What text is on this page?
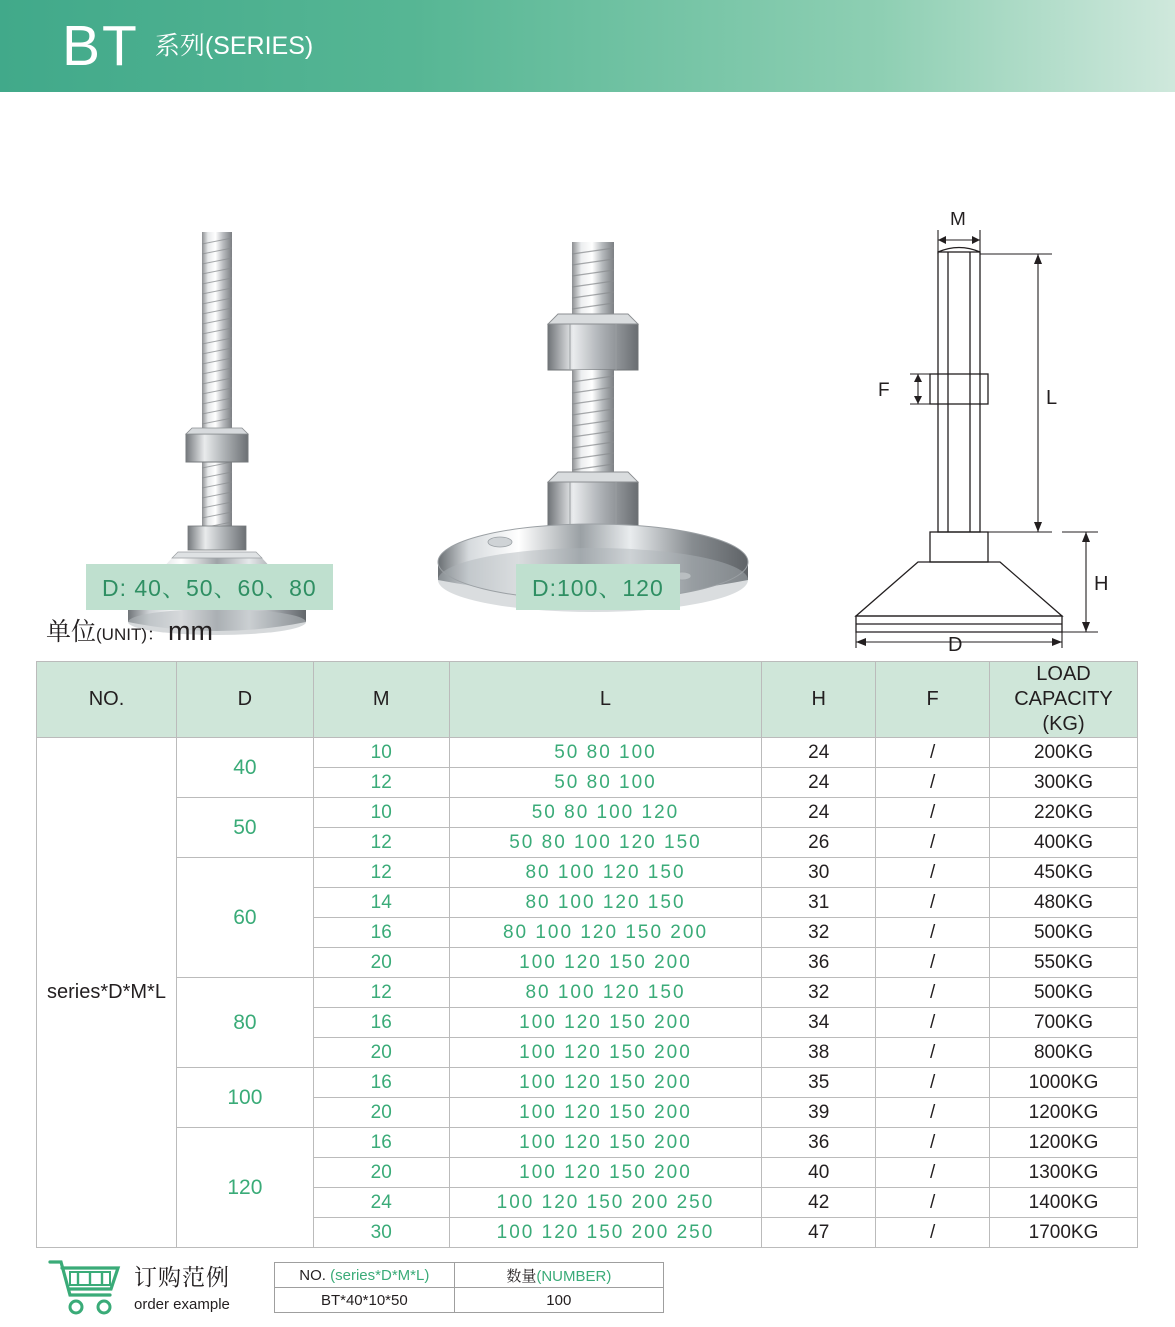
BT 系列(SERIES)
M
F	L
H
D
D: 40、50、60、80	D:100、120
单位(UNIT)： mm
NO.	D	M	L	H	F	LOAD CAPACITY
(KG)

series*D*M*L	40	10	50 80 100	24	/	200KG
		12	50 80 100	24	/	300KG
	50	10	50 80 100 120	24	/	220KG
		12	50 80 100 120 150	26	/	400KG
	60	12	80 100 120 150	30	/	450KG
		14	80 100 120 150	31	/	480KG
		16	80 100 120 150 200	32	/	500KG
		20	100 120 150 200	36	/	550KG
	80	12	80 100 120 150	32	/	500KG
		16	100 120 150 200	34	/	700KG
		20	100 120 150 200	38	/	800KG
	100	16	100 120 150 200	35	/	1000KG
		20	100 120 150 200	39	/	1200KG
	120	16	100 120 150 200	36	/	1200KG
		20	100 120 150 200	40	/	1300KG
		24	100 120 150 200 250	42	/	1400KG
		30	100 120 150 200 250	47	/	1700KG
订购范例
order example
NO. (series*D*M*L)	数量(NUMBER)
BT*40*10*50	100
